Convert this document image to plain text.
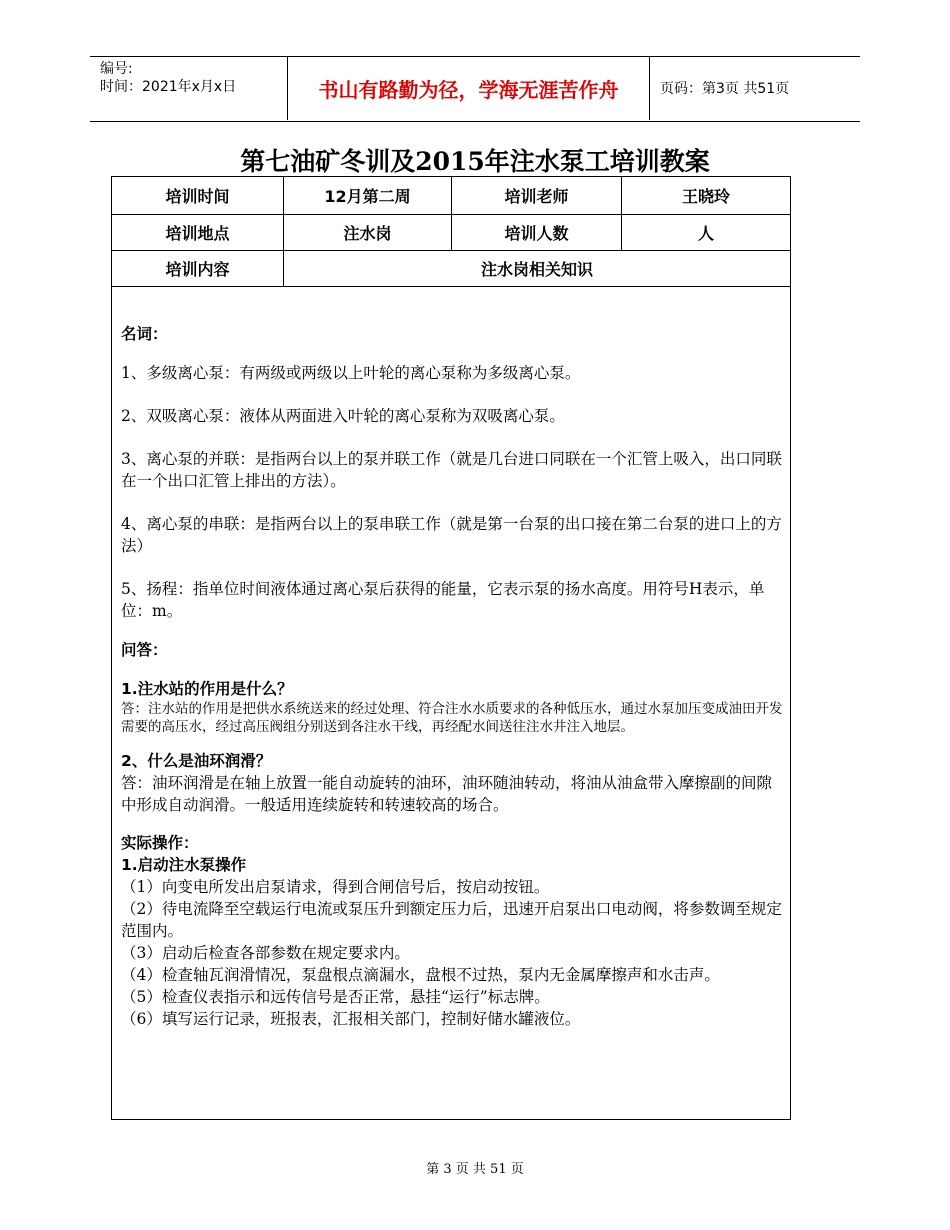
编号:
时间：2021年x月x日	书山有路勤为径，学海无涯苦作舟	页码：第3页 共51页
第七油矿冬训及2015年注水泵工培训教案
培训时间	12月第二周	培训老师	王晓玲
培训地点	注水岗	培训人数	人
培训内容	注水岗相关知识

名词：

1、多级离心泵：有两级或两级以上叶轮的离心泵称为多级离心泵。

2、双吸离心泵：液体从两面进入叶轮的离心泵称为双吸离心泵。

3、离心泵的并联：是指两台以上的泵并联工作（就是几台进口同联在一个汇管上吸入，出口同联在一个出口汇管上排出的方法）。

4、离心泵的串联：是指两台以上的泵串联工作（就是第一台泵的出口接在第二台泵的进口上的方法）

5、扬程：指单位时间液体通过离心泵后获得的能量，它表示泵的扬水高度。用符号H表示，单位：m。

问答：

1.注水站的作用是什么？

答：注水站的作用是把供水系统送来的经过处理、符合注水水质要求的各种低压水，通过水泵加压变成油田开发需要的高压水，经过高压阀组分别送到各注水干线，再经配水间送往注水井注入地层。

2、什么是油环润滑？

答：油环润滑是在轴上放置一能自动旋转的油环，油环随油转动，将油从油盒带入摩擦副的间隙中形成自动润滑。一般适用连续旋转和转速较高的场合。

实际操作：

1.启动注水泵操作

（1）向变电所发出启泵请求，得到合闸信号后，按启动按钮。

（2）待电流降至空载运行电流或泵压升到额定压力后，迅速开启泵出口电动阀，将参数调至规定范围内。

（3）启动后检查各部参数在规定要求内。

（4）检查轴瓦润滑情况，泵盘根点滴漏水，盘根不过热，泵内无金属摩擦声和水击声。

（5）检查仪表指示和远传信号是否正常，悬挂“运行”标志牌。

（6）填写运行记录，班报表，汇报相关部门，控制好储水罐液位。

第 3 页 共 51 页
